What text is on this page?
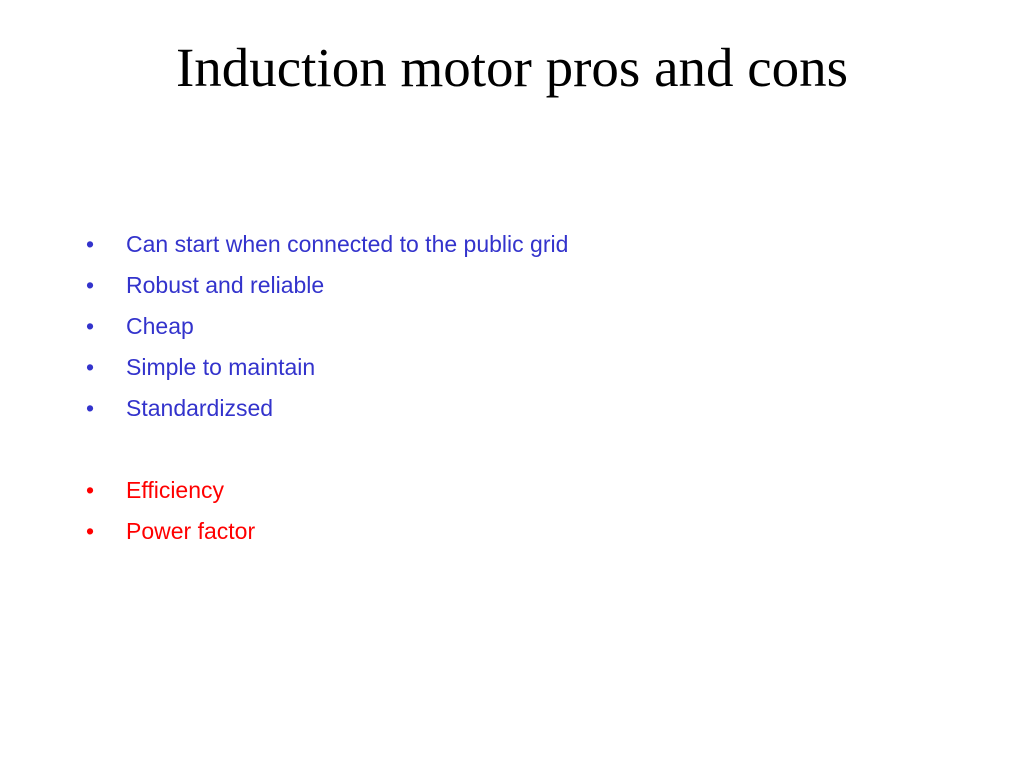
Induction motor pros and cons
• Can start when connected to the public grid
• Robust and reliable
• Cheap
• Simple to maintain
• Standardizsed
• Efficiency
• Power factor
